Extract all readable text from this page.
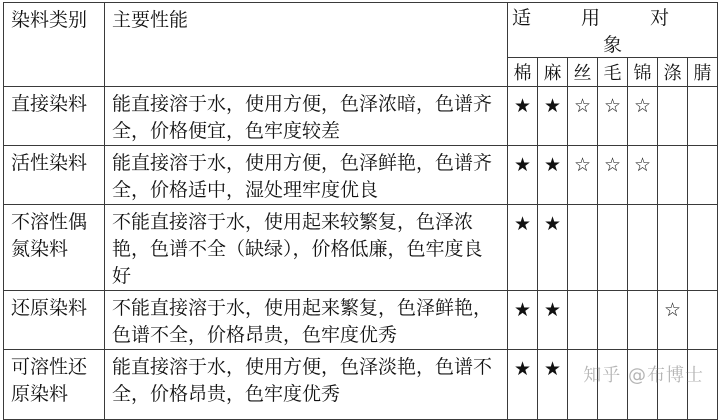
染料类别	主要性能	适 用 对 象						
		棉	麻	丝	毛	锦	涤	腈
直接染料	能直接溶于水，使用方便，色泽浓暗，色谱齐全，价格便宜，色牢度较差	★	★	☆	☆	☆		
活性染料	能直接溶于水，使用方便，色泽鲜艳，色谱齐全，价格适中，湿处理牢度优良	★	★	☆	☆	☆		
不溶性偶氮染料	不能直接溶于水，使用起来较繁复，色泽浓艳，色谱不全（缺绿），价格低廉，色牢度良好	★	★					
还原染料	不能直接溶于水，使用起来繁复，色泽鲜艳，色谱不全，价格昂贵，色牢度优秀	★	★				☆	
可溶性还原染料	能直接溶于水，使用方便，色泽淡艳，色谱不全，价格昂贵，色牢度优秀	★	★					知乎 @布博士
